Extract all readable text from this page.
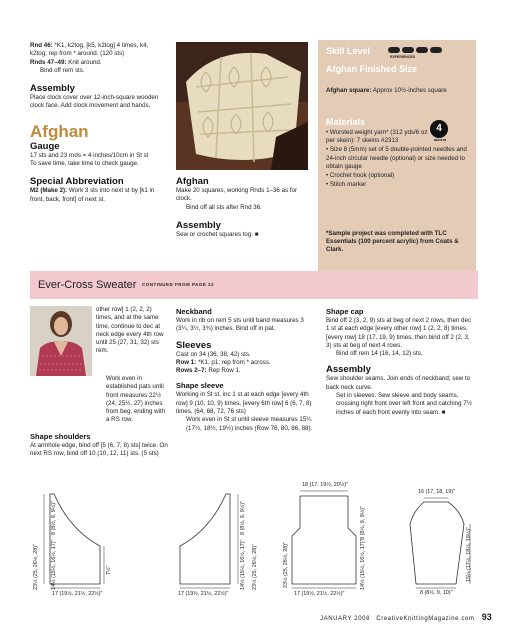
Rnd 46: *K1, k2tog, [k5, k2tog] 4 times, k4, k2tog; rep from * around. (120 sts)

Rnds 47–49: Knit around.

Bind off rem sts.

Assembly

Place clock cover over 12-inch-square wooden clock face. Add clock movement and hands.

Afghan

Gauge

17 sts and 23 rnds = 4 inches/10cm in St st

To save time, take time to check gauge.

Special Abbreviation

M2 (Make 2): Work 3 sts into next st by [k1 in front, back, front] of next st.

Afghan

Make 20 squares, working Rnds 1–36 as for clock.

Bind off all sts after Rnd 36.

Assembly

Sew or crochet squares tog. ■

Skill Level
EXPERIENCED
Afghan Finished Size

Afghan square: Approx 10½-inches square

Materials
4
MEDIUM

• Worsted weight yarn* (312 yds/6 oz per skein): 7 skeins #2313

• Size 8 (5mm) set of 5 double-pointed needles and 24-inch circular needle (optional) or size needed to obtain gauge

• Crochet hook (optional)

• Stitch marker

*Sample project was completed with TLC Essentials (100 percent acrylic) from Coats & Clark.

Ever-Cross Sweater CONTINUED FROM PAGE 22

other row] 1 (2, 2, 2) times, and at the same time, continue to dec at neck edge every 4th row until 25 (27, 31, 32) sts rem.

Work even in established pats until front measures 22½ (24, 25½, 27) inches from beg, ending with a RS row.

Shape shoulders

At armhole edge, bind off [5 (6, 7, 8) sts] twice. On next RS row, bind off 10 (10, 12, 11) sts. (5 sts)

Neckband

Work in rib on rem 5 sts until band measures 3 (3¼, 3½, 3¾) inches. Bind off in pat.

Sleeves

Cast on 34 (36, 38, 42) sts.

Row 1: *K1, p1; rep from * across.

Rows 2–7: Rep Row 1.

Shape sleeve

Working in St st, inc 1 st at each edge [every 4th row] 9 (10, 10, 9) times, [every 6th row] 6 (6, 7, 8) times. (64, 68, 72, 76 sts)

Work even in St st until sleeve measures 15¼ (17½, 18½, 19½) inches (Row 76, 80, 86, 88).

Shape cap

Bind off 2 (3, 2, 9) sts at beg of next 2 rows, then dec 1 st at each edge [every other row] 1 (2, 2, 8) times, [every row] 18 (17, 19, 9) times, then bind off 2 (2, 3, 3) sts at beg of next 4 rows.

Bind off rem 14 (16, 14, 12) sts.

Assembly

Sew shoulder seams. Join ends of neckband; sew to back neck curve.

Set in sleeves. Sew sleeve and body seams, crossing right front over left front and catching 7½ inches of each front evenly into seam. ■

23½ (25, 26½, 28)"
8 (8½, 9, 9½)"
14½ (15½, 16½, 17)"
17 (19½, 21½, 22½)"
7½"
17 (19½, 21½, 22½)"
14½ (15½, 16½, 17)"
8 (8½, 9, 9½)"
23½ (25, 26½, 28)"
18 (17, 19½, 20½)"
23½ (25, 26½, 28)"
8 (8½, 9, 9½)"
14½ (15½, 16½, 17)"
17 (19½, 21½, 22½)"
16 (17, 18, 19)"
15¼ (17½, 18½, 19½)"
8 (8½, 9, 10)"
JANUARY 2008 CreativeKnittingMagazine.com 93
